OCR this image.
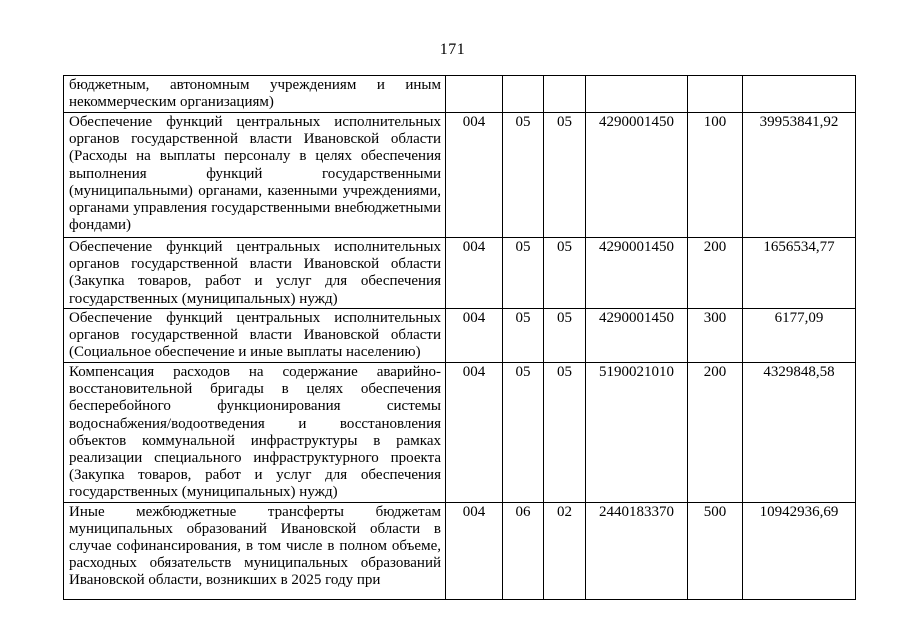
171
бюджетным, автономным учреждениям и иным некоммерческим организациям)						
Обеспечение функций центральных исполнительных органов государственной власти Ивановской области (Расходы на выплаты персоналу в целях обеспечения выполнения функций государственными (муниципальными) органами, казенными учреждениями, органами управления государственными внебюджетными фондами)	004	05	05	4290001450	100	39953841,92
Обеспечение функций центральных исполнительных органов государственной власти Ивановской области (Закупка товаров, работ и услуг для обеспечения государственных (муниципальных) нужд)	004	05	05	4290001450	200	1656534,77
Обеспечение функций центральных исполнительных органов государственной власти Ивановской области (Социальное обеспечение и иные выплаты населению)	004	05	05	4290001450	300	6177,09
Компенсация расходов на содержание аварийно-восстановительной бригады в целях обеспечения бесперебойного функционирования системы водоснабжения/водоотведения и восстановления объектов коммунальной инфраструктуры в рамках реализации специального инфраструктурного проекта (Закупка товаров, работ и услуг для обеспечения государственных (муниципальных) нужд)	004	05	05	5190021010	200	4329848,58
Иные межбюджетные трансферты бюджетам муниципальных образований Ивановской области в случае софинансирования, в том числе в полном объеме, расходных обязательств муниципальных образований Ивановской области, возникших в 2025 году при	004	06	02	2440183370	500	10942936,69
